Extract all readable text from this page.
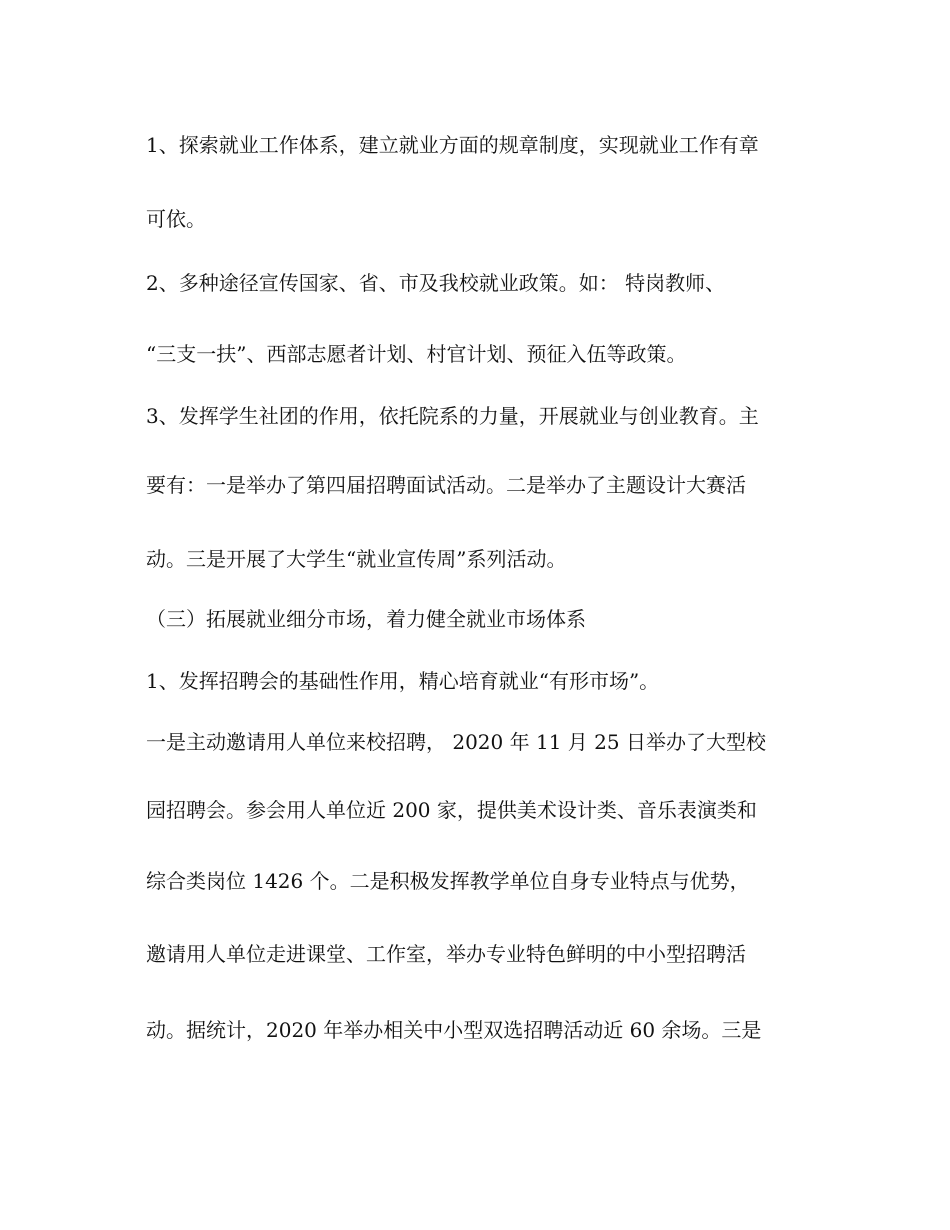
1、探索就业工作体系，建立就业方面的规章制度，实现就业工作有章

可依。

2、多种途径宣传国家、省、市及我校就业政策。如： 特岗教师、

“三支一扶”、西部志愿者计划、村官计划、预征入伍等政策。

3、发挥学生社团的作用，依托院系的力量，开展就业与创业教育。主

要有：一是举办了第四届招聘面试活动。二是举办了主题设计大赛活

动。三是开展了大学生“就业宣传周”系列活动。

（三）拓展就业细分市场，着力健全就业市场体系

1、发挥招聘会的基础性作用，精心培育就业“有形市场”。

一是主动邀请用人单位来校招聘， 2020 年 11 月 25 日举办了大型校

园招聘会。参会用人单位近 200 家，提供美术设计类、音乐表演类和

综合类岗位 1426 个。二是积极发挥教学单位自身专业特点与优势，

邀请用人单位走进课堂、工作室，举办专业特色鲜明的中小型招聘活

动。据统计，2020 年举办相关中小型双选招聘活动近 60 余场。三是
